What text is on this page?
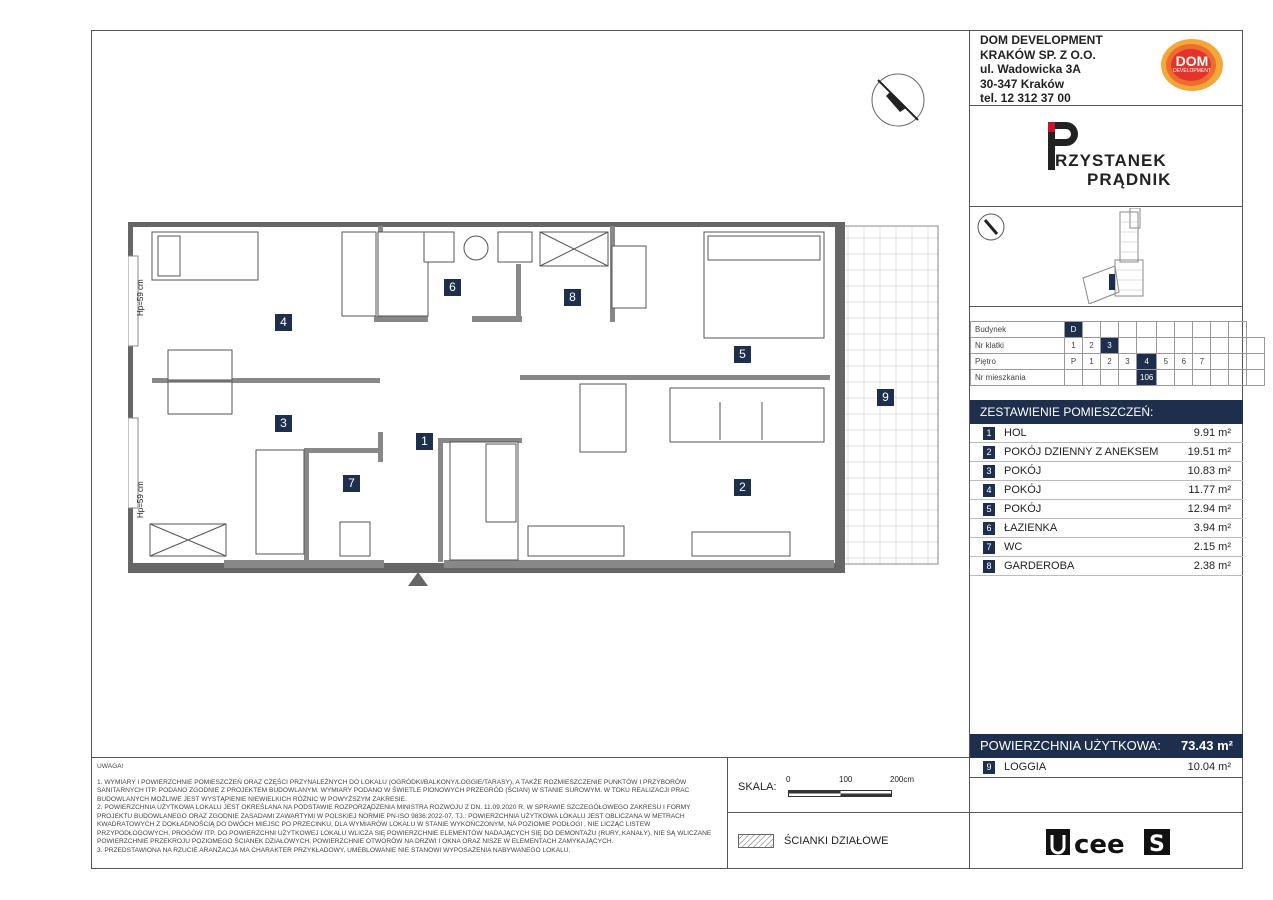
DOM DEVELOPMENT
KRAKÓW SP. Z O.O.
ul. Wadowicka 3A
30-347 Kraków
tel. 12 312 37 00
DOM
DEVELOPMENT
RZYSTANEK
PRĄDNIK
Budynek	D										
Nr klatki	1	2	3								
Piętro	P	1	2	3	4	5	6	7			
Nr mieszkania					106						
ZESTAWIENIE POMIESZCZEŃ:
1	HOL	9.91 m²
2	POKÓJ DZIENNY Z ANEKSEM	19.51 m²
3	POKÓJ	10.83 m²
4	POKÓJ	11.77 m²
5	POKÓJ	12.94 m²
6	ŁAZIENKA	3.94 m²
7	WC	2.15 m²
8	GARDEROBA	2.38 m²
POWIERZCHNIA UŻYTKOWA: 73.43 m²
9	LOGGIA	10.04 m²

UWAGA!

1. WYMIARY I POWIERZCHNIE POMIESZCZEŃ ORAZ CZĘŚCI PRZYNALEŻNYCH DO LOKALU (OGRÓDKI/BALKONY/LOGGIE/TARASY), A TAKŻE ROZMIESZCZENIE PUNKTÓW I PRZYBORÓW SANITARNYCH ITP. PODANO ZGODNIE Z PROJEKTEM BUDOWLANYM. WYMIARY PODANO W ŚWIETLE PIONOWYCH PRZEGRÓD (ŚCIAN) W STANIE SUROWYM. W TOKU REALIZACJI PRAC BUDOWLANYCH MOŻLIWE JEST WYSTĄPIENIE NIEWIELKICH RÓŻNIC W POWYŻSZYM ZAKRESIE.

2. POWIERZCHNIA UŻYTKOWA LOKALU JEST OKREŚLANA NA PODSTAWIE ROZPORZĄDZENIA MINISTRA ROZWOJU Z DN. 11.09.2020 R. W SPRAWIE SZCZEGÓŁOWEGO ZAKRESU I FORMY PROJEKTU BUDOWLANEGO ORAZ ZGODNIE ZASADAMI ZAWARTYMI W POLSKIEJ NORMIE PN-ISO 9836:2022-07. TJ.: POWIERZCHNIA UŻYTKOWA LOKALU JEST OBLICZANA W METRACH KWADRATOWYCH Z DOKŁADNOŚCIĄ DO DWÓCH MIEJSC PO PRZECINKU, DLA WYMIARÓW LOKALU W STANIE WYKOŃCZONYM, NA POZIOMIE PODŁOGI , NIE LICZĄC LISTEW PRZYPODŁOGOWYCH, PROGÓW ITP. DO POWIERZCHNI UŻYTKOWEJ LOKALU WLICZA SIĘ POWIERZCHNIE ELEMENTÓW NADAJĄCYCH SIĘ DO DEMONTAŻU (RURY, KANAŁY), NIE SĄ WLICZANE POWIERZCHNIE PRZEKROJU POZIOMEGO ŚCIANEK DZIAŁOWYCH, POWIERZCHNIE OTWORÓW NA DRZWI I OKNA ORAZ NISZE W ELEMENTACH ZAMYKAJĄCYCH.

3. PRZEDSTAWIONA NA RZUCIE ARANŻACJA MA CHARAKTER PRZYKŁADOWY, UMEBLOWANIE NIE STANOWI WYPOSAŻENIA NABYWANEGO LOKALU.

SKALA:
0	100	200cm
ŚCIANKI DZIAŁOWE	cee S
1
2
3
4
5
6
7
8
9
Hp=59 cm
Hp=59 cm
